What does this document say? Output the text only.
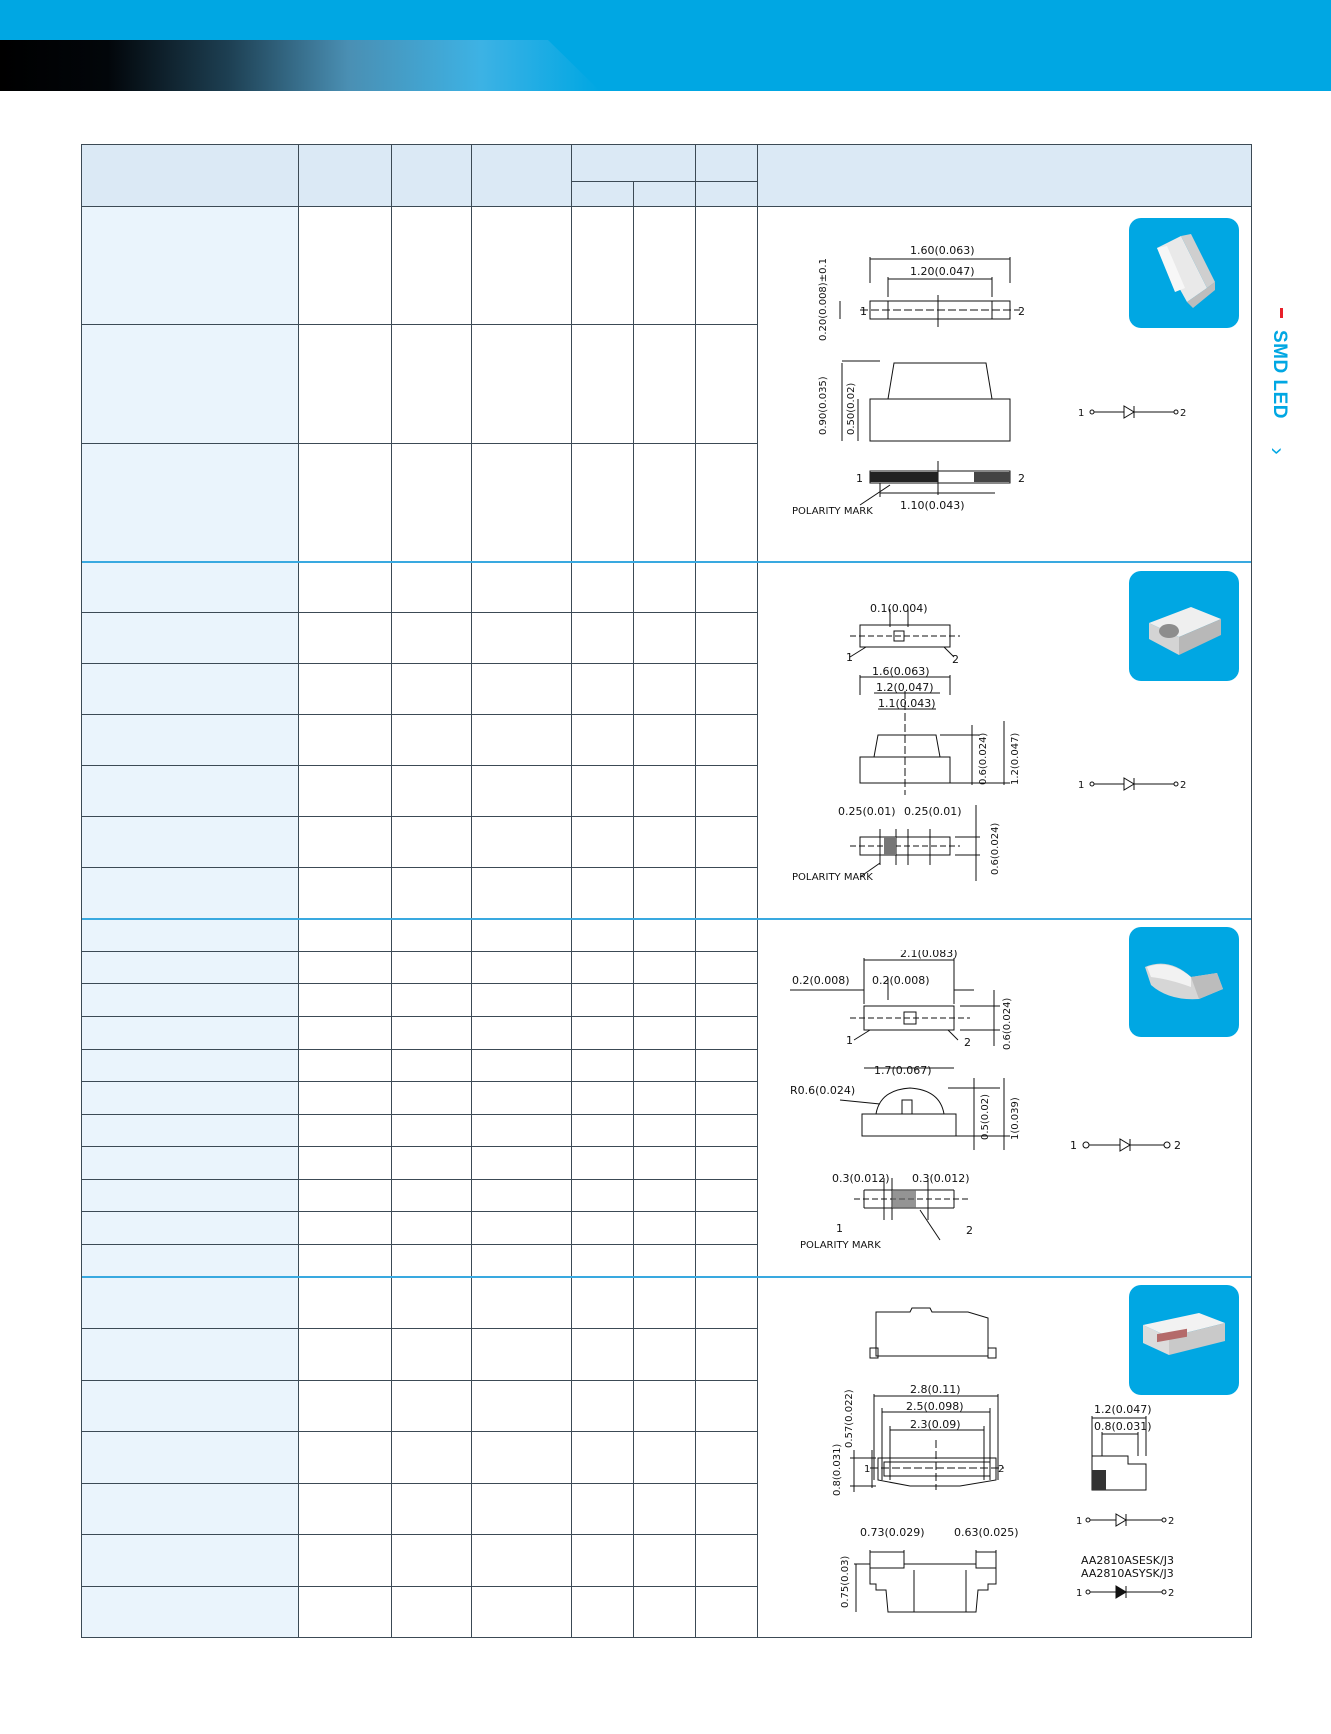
SMD LED
›
1.60(0.063)
1.20(0.047)
1	2
0.20(0.008)±0.1
0.90(0.035) 0.50(0.02)
1	2
1.10(0.043)
POLARITY MARK
1	2
0.1(0.004)
1	2
1.6(0.063)
1.2(0.047)
1.1(0.043)
0.6(0.024) 1.2(0.047)
0.25(0.01) 0.25(0.01)
0.6(0.024)
POLARITY MARK
1	2
2.1(0.083)
0.2(0.008) 0.2(0.008)
0.6(0.024)
1	2
1.7(0.067)
R0.6(0.024)
0.5(0.02) 1(0.039)
0.3(0.012) 0.3(0.012)
1	2
POLARITY MARK
1	2
2.8(0.11)
2.5(0.098)
2.3(0.09)
0.8(0.031)
0.57(0.022)
1	2
0.73(0.029)	0.63(0.025)
0.75(0.03)
1.2(0.047)
0.8(0.031)
1	2
AA2810ASESK/J3
AA2810ASYSK/J3
1	2
